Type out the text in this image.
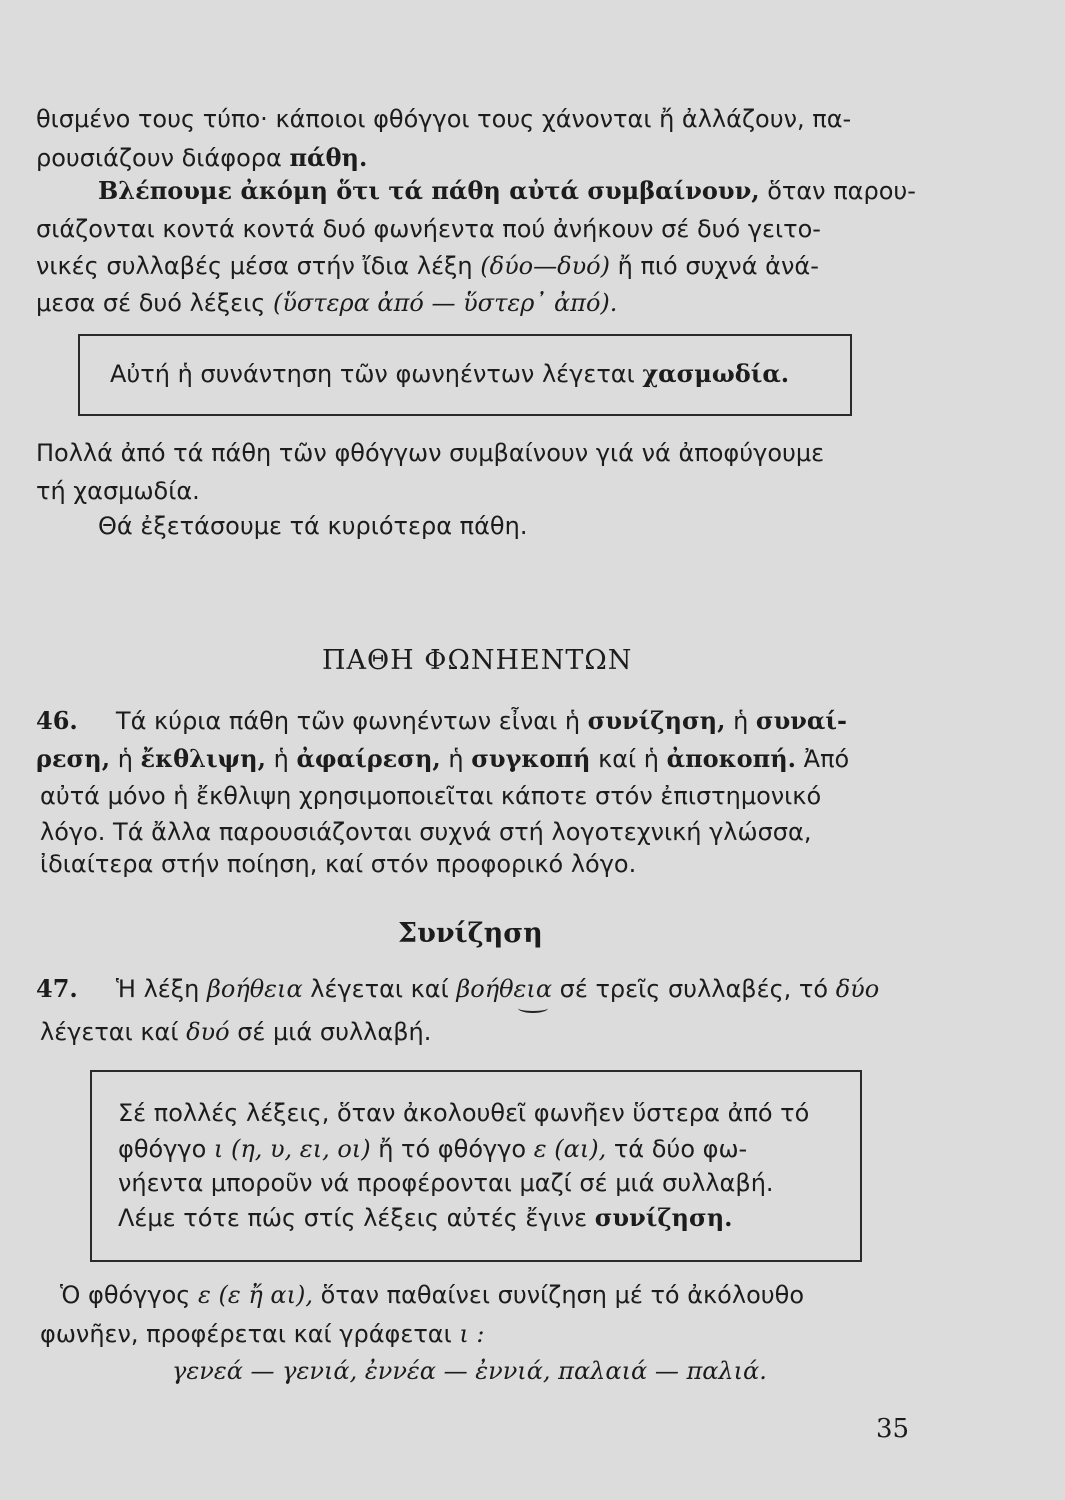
θισμένο τους τύπο· κάποιοι φθόγγοι τους χάνονται ἤ ἀλλάζουν, πα-

ρουσιάζουν διάφορα πάθη.

Βλέπουμε ἀκόμη ὅτι τά πάθη αὐτά συμβαίνουν, ὅταν παρου-

σιάζονται κοντά κοντά δυό φωνήεντα πού ἀνήκουν σέ δυό γειτο-

νικές συλλαβές μέσα στήν ἴδια λέξη (δύο—δυό) ἤ πιό συχνά ἀνά-

μεσα σέ δυό λέξεις (ὕστερα ἀπό — ὕστερ᾽ ἀπό).

Αὐτή ἡ συνάντηση τῶν φωνηέντων λέγεται χασμωδία.

Πολλά ἀπό τά πάθη τῶν φθόγγων συμβαίνουν γιά νά ἀποφύγουμε

τή χασμωδία.

Θά ἐξετάσουμε τά κυριότερα πάθη.

ΠΑΘΗ ΦΩΝΗΕΝΤΩΝ

46. Τά κύρια πάθη τῶν φωνηέντων εἶναι ἡ συνίζηση, ἡ συναί-

ρεση, ἡ ἔκθλιψη, ἡ ἀφαίρεση, ἡ συγκοπή καί ἡ ἀποκοπή. Ἀπό

αὐτά μόνο ἡ ἔκθλιψη χρησιμοποιεῖται κάποτε στόν ἐπιστημονικό

λόγο. Τά ἄλλα παρουσιάζονται συχνά στή λογοτεχνική γλώσσα,

ἰδιαίτερα στήν ποίηση, καί στόν προφορικό λόγο.

Συνίζηση

47. Ἡ λέξη βοήθεια λέγεται καί βοήθεια σέ τρεῖς συλλαβές, τό δύο

λέγεται καί δυό σέ μιά συλλαβή.

Σέ πολλές λέξεις, ὅταν ἀκολουθεῖ φωνῆεν ὕστερα ἀπό τό

φθόγγο ι (η, υ, ει, οι) ἤ τό φθόγγο ε (αι), τά δύο φω-

νήεντα μποροῦν νά προφέρονται μαζί σέ μιά συλλαβή.

Λέμε τότε πώς στίς λέξεις αὐτές ἔγινε συνίζηση.

Ὁ φθόγγος ε (ε ἤ αι), ὅταν παθαίνει συνίζηση μέ τό ἀκόλουθο

φωνῆεν, προφέρεται καί γράφεται ι :

γενεά — γενιά, ἐννέα — ἐννιά, παλαιά — παλιά.

35
